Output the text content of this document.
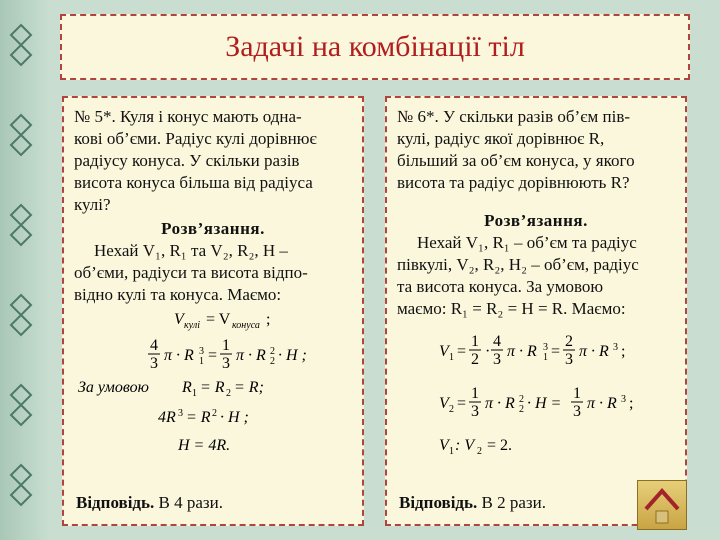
Задачі на комбінації тіл
№ 5*. Куля і конус мають одна-
кові об’єми. Радіус кулі дорівнює
радіусу конуса. У скільки разів
висота конуса більша від радіуса
кулі?
Розв’язання.
Нехай V₁, R₁ та V₂, R₂, H –
об’єми, радіуси та висота відпо-
відно кулі та конуса. Маємо:
V кулі = V конуса ;
4
3 π · R 3
1 =
1
3 π · R 2
2 · H ;
За умовою R 1 = R 2 = R;
4R 3 = R 2 · H ;
H = 4R.
Відповідь. В 4 рази.
№ 6*. У скільки разів об’єм пів-
кулі, радіус якої дорівнює R,
більший за об’єм конуса, у якого
висота та радіус дорівнюють R?
Розв’язання.
Нехай V₁, R₁ – об’єм та радіус
півкулі, V₂, R₂, H₂ – об’єм, радіус
та висота конуса. За умовою
маємо: R₁ = R₂ = H = R. Маємо:
V 1 =
1
2 ·
4
3 π · R 3
1 =
2
3 π · R 3 ;
V 2 =
1
3 π · R 2
2 · H =
1
3 π · R 3 ;
V 1 : V 2 = 2.
Відповідь. В 2 рази.
